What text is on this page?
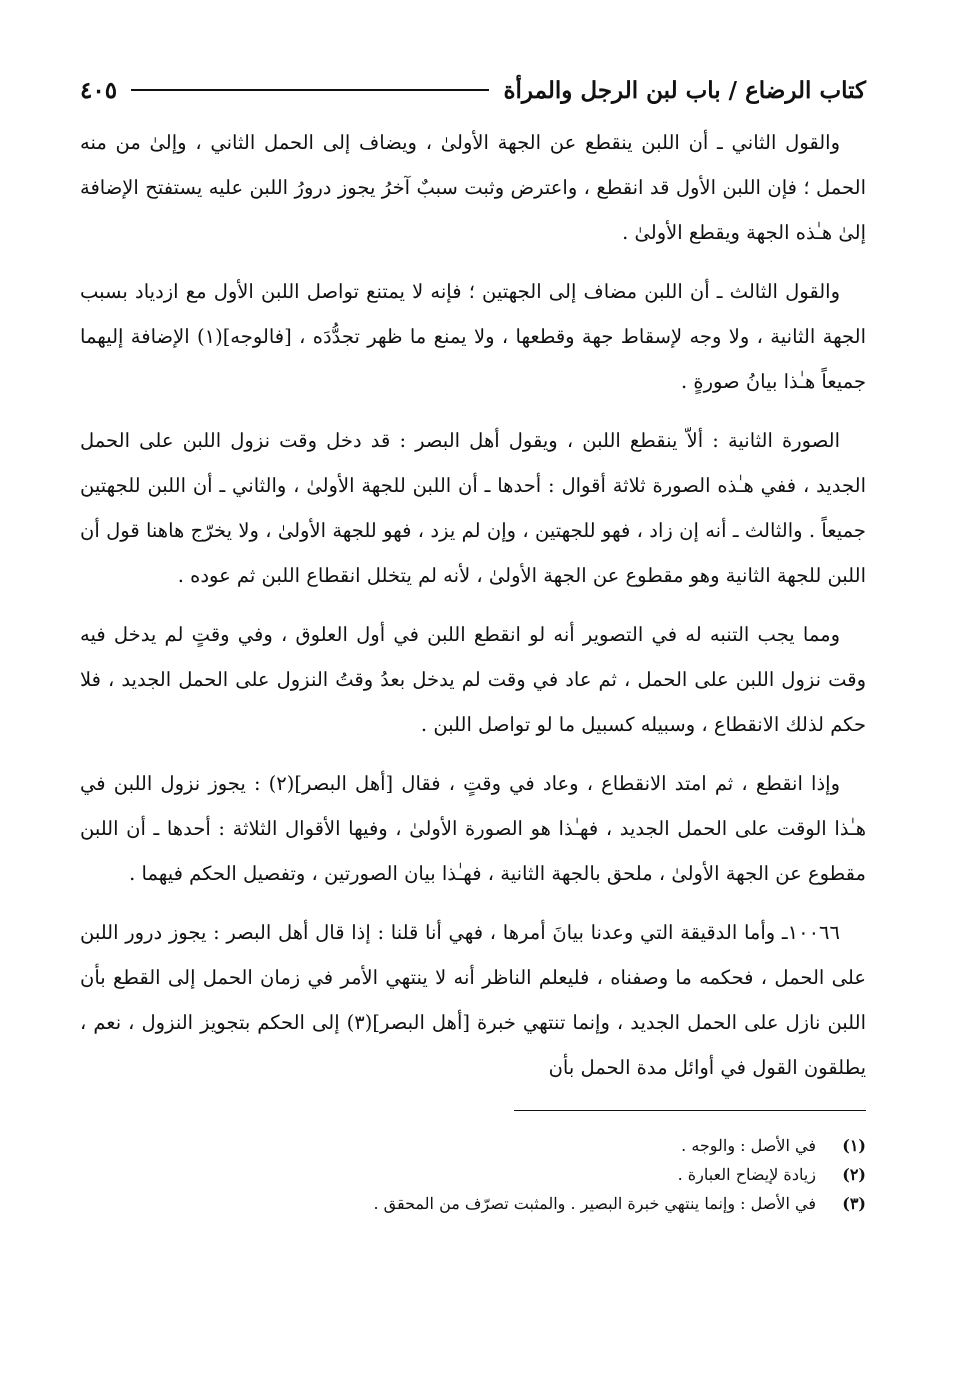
كتاب الرضاع / باب لبن الرجل والمرأة
٤٠٥

والقول الثاني ـ أن اللبن ينقطع عن الجهة الأولىٰ ، ويضاف إلى الحمل الثاني ، وإلىٰ من منه الحمل ؛ فإن اللبن الأول قد انقطع ، واعترض وثبت سببٌ آخرُ يجوز درورُ اللبن عليه يستفتح الإضافة إلىٰ هـٰذه الجهة ويقطع الأولىٰ .

والقول الثالث ـ أن اللبن مضاف إلى الجهتين ؛ فإنه لا يمتنع تواصل اللبن الأول مع ازدياد بسبب الجهة الثانية ، ولا وجه لإسقاط جهة وقطعها ، ولا يمنع ما ظهر تجدُّدَه ، [فالوجه](١) الإضافة إليهما جميعاً هـٰذا بيانُ صورةٍ .

الصورة الثانية : ألاّ ينقطع اللبن ، ويقول أهل البصر : قد دخل وقت نزول اللبن على الحمل الجديد ، ففي هـٰذه الصورة ثلاثة أقوال : أحدها ـ أن اللبن للجهة الأولىٰ ، والثاني ـ أن اللبن للجهتين جميعاً . والثالث ـ أنه إن زاد ، فهو للجهتين ، وإن لم يزد ، فهو للجهة الأولىٰ ، ولا يخرّج هاهنا قول أن اللبن للجهة الثانية وهو مقطوع عن الجهة الأولىٰ ، لأنه لم يتخلل انقطاع اللبن ثم عوده .

ومما يجب التنبه له في التصوير أنه لو انقطع اللبن في أول العلوق ، وفي وقتٍ لم يدخل فيه وقت نزول اللبن على الحمل ، ثم عاد في وقت لم يدخل بعدُ وقتُ النزول على الحمل الجديد ، فلا حكم لذلك الانقطاع ، وسبيله كسبيل ما لو تواصل اللبن .

وإذا انقطع ، ثم امتد الانقطاع ، وعاد في وقتٍ ، فقال [أهل البصر](٢) : يجوز نزول اللبن في هـٰذا الوقت على الحمل الجديد ، فهـٰذا هو الصورة الأولىٰ ، وفيها الأقوال الثلاثة : أحدها ـ أن اللبن مقطوع عن الجهة الأولىٰ ، ملحق بالجهة الثانية ، فهـٰذا بيان الصورتين ، وتفصيل الحكم فيهما .

١٠٠٦٦ـ وأما الدقيقة التي وعدنا بيانَ أمرها ، فهي أنا قلنا : إذا قال أهل البصر : يجوز درور اللبن على الحمل ، فحكمه ما وصفناه ، فليعلم الناظر أنه لا ينتهي الأمر في زمان الحمل إلى القطع بأن اللبن نازل على الحمل الجديد ، وإنما تنتهي خبرة [أهل البصر](٣) إلى الحكم بتجويز النزول ، نعم ، يطلقون القول في أوائل مدة الحمل بأن

(١)
في الأصل : والوجه .
(٢)
زيادة لإيضاح العبارة .
(٣)
في الأصل : وإنما ينتهي خبرة البصير . والمثبت تصرّف من المحقق .
